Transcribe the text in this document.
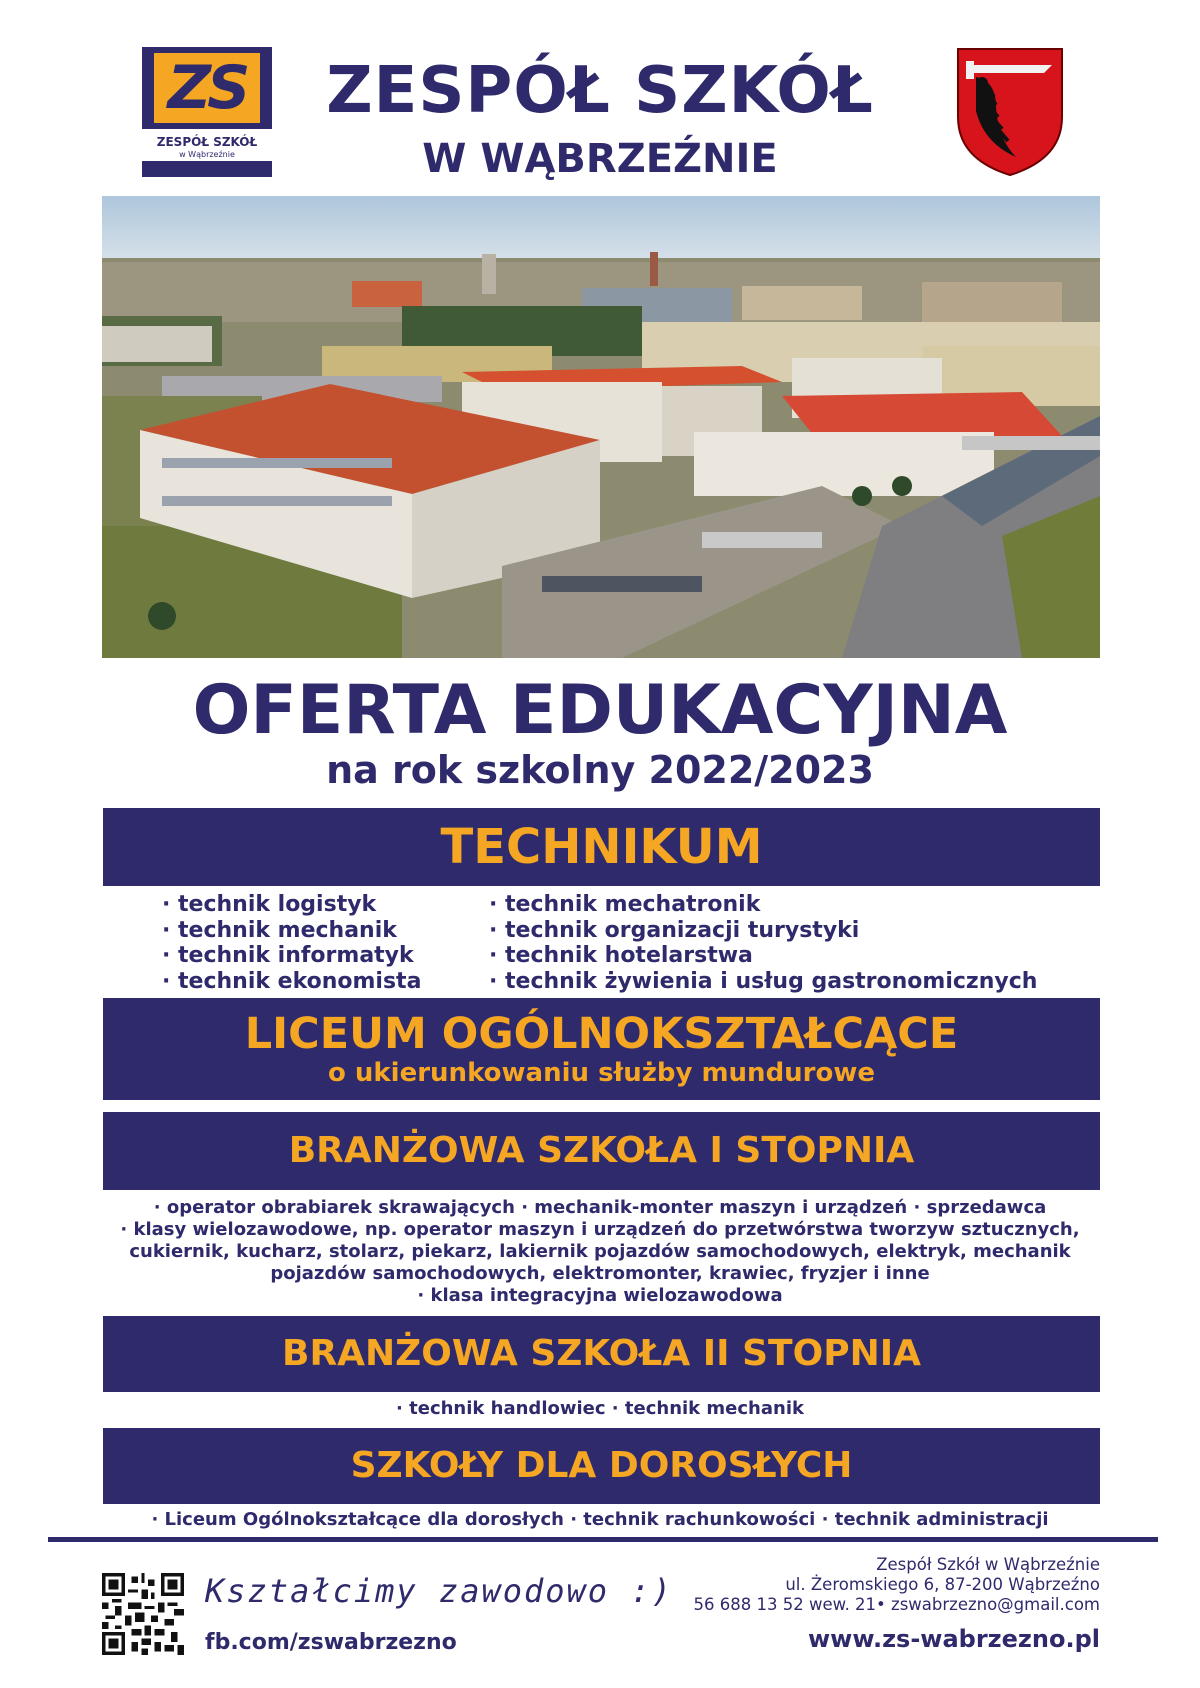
ZS
ZESPÓŁ SZKÓŁ
w Wąbrzeźnie
ZESPÓŁ SZKÓŁ
W WĄBRZEŹNIE
OFERTA EDUKACYJNA
na rok szkolny 2022/2023
TECHNIKUM
· technik logistyk
· technik mechanik
· technik informatyk
· technik ekonomista
· technik mechatronik
· technik organizacji turystyki
· technik hotelarstwa
· technik żywienia i usług gastronomicznych
LICEUM OGÓLNOKSZTAŁCĄCE
o ukierunkowaniu służby mundurowe
BRANŻOWA SZKOŁA I STOPNIA
· operator obrabiarek skrawających · mechanik-monter maszyn i urządzeń · sprzedawca
· klasy wielozawodowe, np. operator maszyn i urządzeń do przetwórstwa tworzyw sztucznych,
cukiernik, kucharz, stolarz, piekarz, lakiernik pojazdów samochodowych, elektryk, mechanik
pojazdów samochodowych, elektromonter, krawiec, fryzjer i inne
· klasa integracyjna wielozawodowa
BRANŻOWA SZKOŁA II STOPNIA
· technik handlowiec · technik mechanik
SZKOŁY DLA DOROSŁYCH
· Liceum Ogólnokształcące dla dorosłych · technik rachunkowości · technik administracji
Kształcimy zawodowo :)
fb.com/zswabrzezno
Zespół Szkół w Wąbrzeźnie
ul. Żeromskiego 6, 87-200 Wąbrzeźno
56 688 13 52 wew. 21• zswabrzezno@gmail.com
www.zs-wabrzezno.pl
